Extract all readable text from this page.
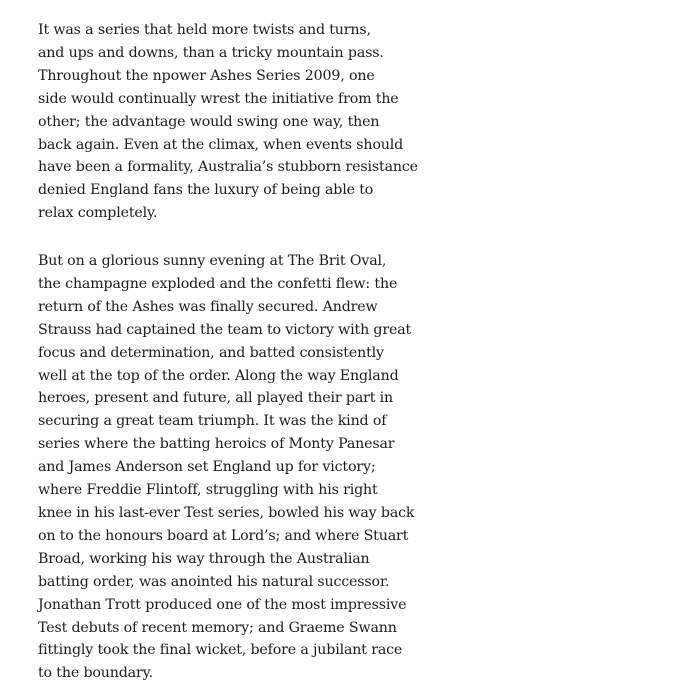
It was a series that held more twists and turns,
and ups and downs, than a tricky mountain pass.
Throughout the npower Ashes Series 2009, one
side would continually wrest the initiative from the
other; the advantage would swing one way, then
back again. Even at the climax, when events should
have been a formality, Australia’s stubborn resistance
denied England fans the luxury of being able to
relax completely.
But on a glorious sunny evening at The Brit Oval,
the champagne exploded and the confetti flew: the
return of the Ashes was finally secured. Andrew
Strauss had captained the team to victory with great
focus and determination, and batted consistently
well at the top of the order. Along the way England
heroes, present and future, all played their part in
securing a great team triumph. It was the kind of
series where the batting heroics of Monty Panesar
and James Anderson set England up for victory;
where Freddie Flintoff, struggling with his right
knee in his last-ever Test series, bowled his way back
on to the honours board at Lord’s; and where Stuart
Broad, working his way through the Australian
batting order, was anointed his natural successor.
Jonathan Trott produced one of the most impressive
Test debuts of recent memory; and Graeme Swann
fittingly took the final wicket, before a jubilant race
to the boundary.
